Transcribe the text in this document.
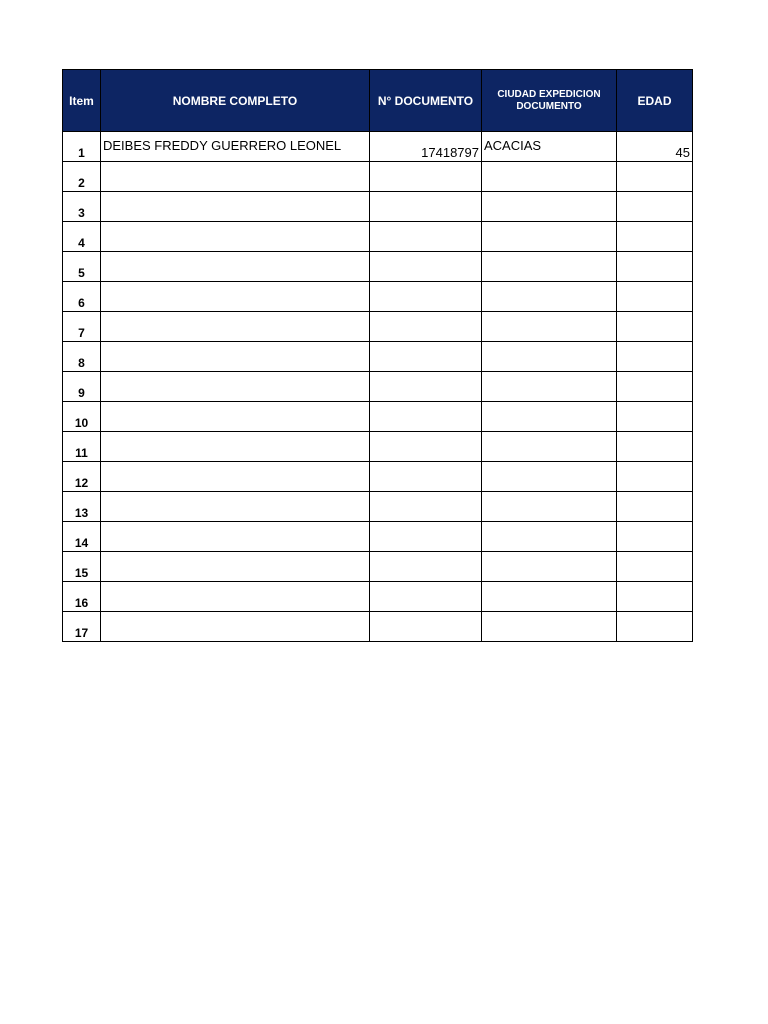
Item	NOMBRE COMPLETO	N° DOCUMENTO	CIUDAD EXPEDICION DOCUMENTO	EDAD
1	DEIBES FREDDY GUERRERO LEONEL	17418797	ACACIAS	45
2				
3				
4				
5				
6				
7				
8				
9				
10				
11				
12				
13				
14				
15				
16				
17				
